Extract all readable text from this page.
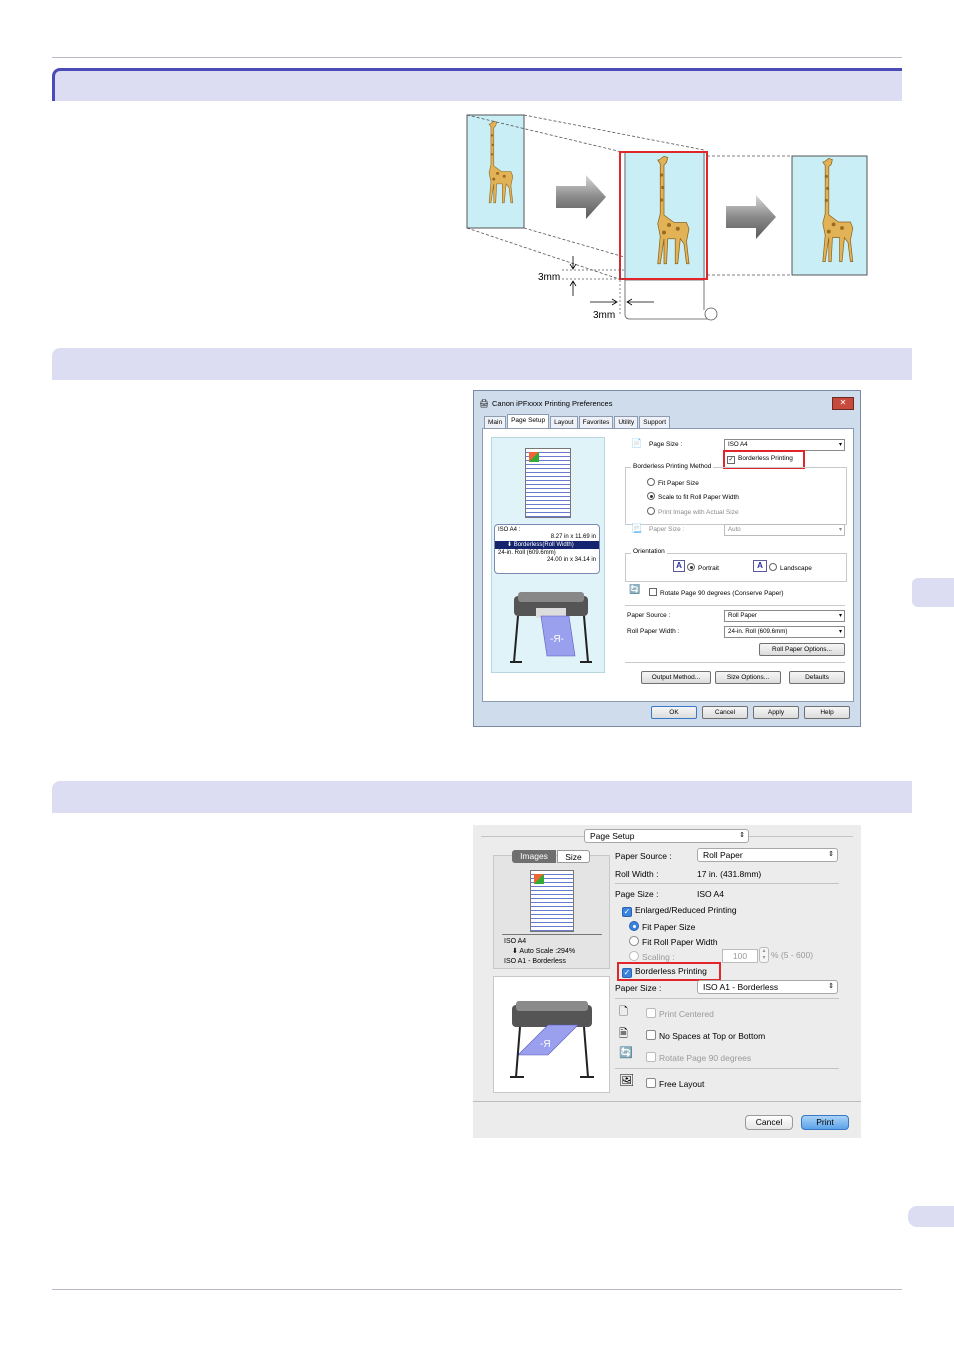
3mm
3mm
🖨 Canon iPFxxxx Printing Preferences	✕
Main Page Setup Layout Favorites Utility Support
ISO A4 :
8.27 in x 11.69 in
⬇ Borderless(Roll Width)
24-in. Roll (609.6mm)
24.00 in x 34.14 in
-Я-
📄 Page Size :	ISO A4 ▾
✓ Borderless Printing
Borderless Printing Method
Fit Paper Size
Scale to fit Roll Paper Width
Print Image with Actual Size
📃 Paper Size :	Auto ▾
Orientation
A	Portrait	A	Landscape
🔄	Rotate Page 90 degrees (Conserve Paper)
Paper Source :	Roll Paper ▾
Roll Paper Width :	24-in. Roll (609.6mm) ▾
Roll Paper Options...
Output Method...	Size Options...	Defaults
OK	Cancel	Apply	Help
Page Setup ⇕
Images	Size
ISO A4
⬇ Auto Scale :294%
ISO A1 - Borderless
-Я
Paper Source :	Roll Paper ⇕
Roll Width :	17 in. (431.8mm)
Page Size :	ISO A4
✓ Enlarged/Reduced Printing
Fit Paper Size
Fit Roll Paper Width
Scaling :	100	▴
▾ % (5 - 600)
✓ Borderless Printing
Paper Size :	ISO A1 - Borderless ⇕
🗋	Print Centered
🗎	No Spaces at Top or Bottom
🔄	Rotate Page 90 degrees
🖼	Free Layout
Cancel	Print
